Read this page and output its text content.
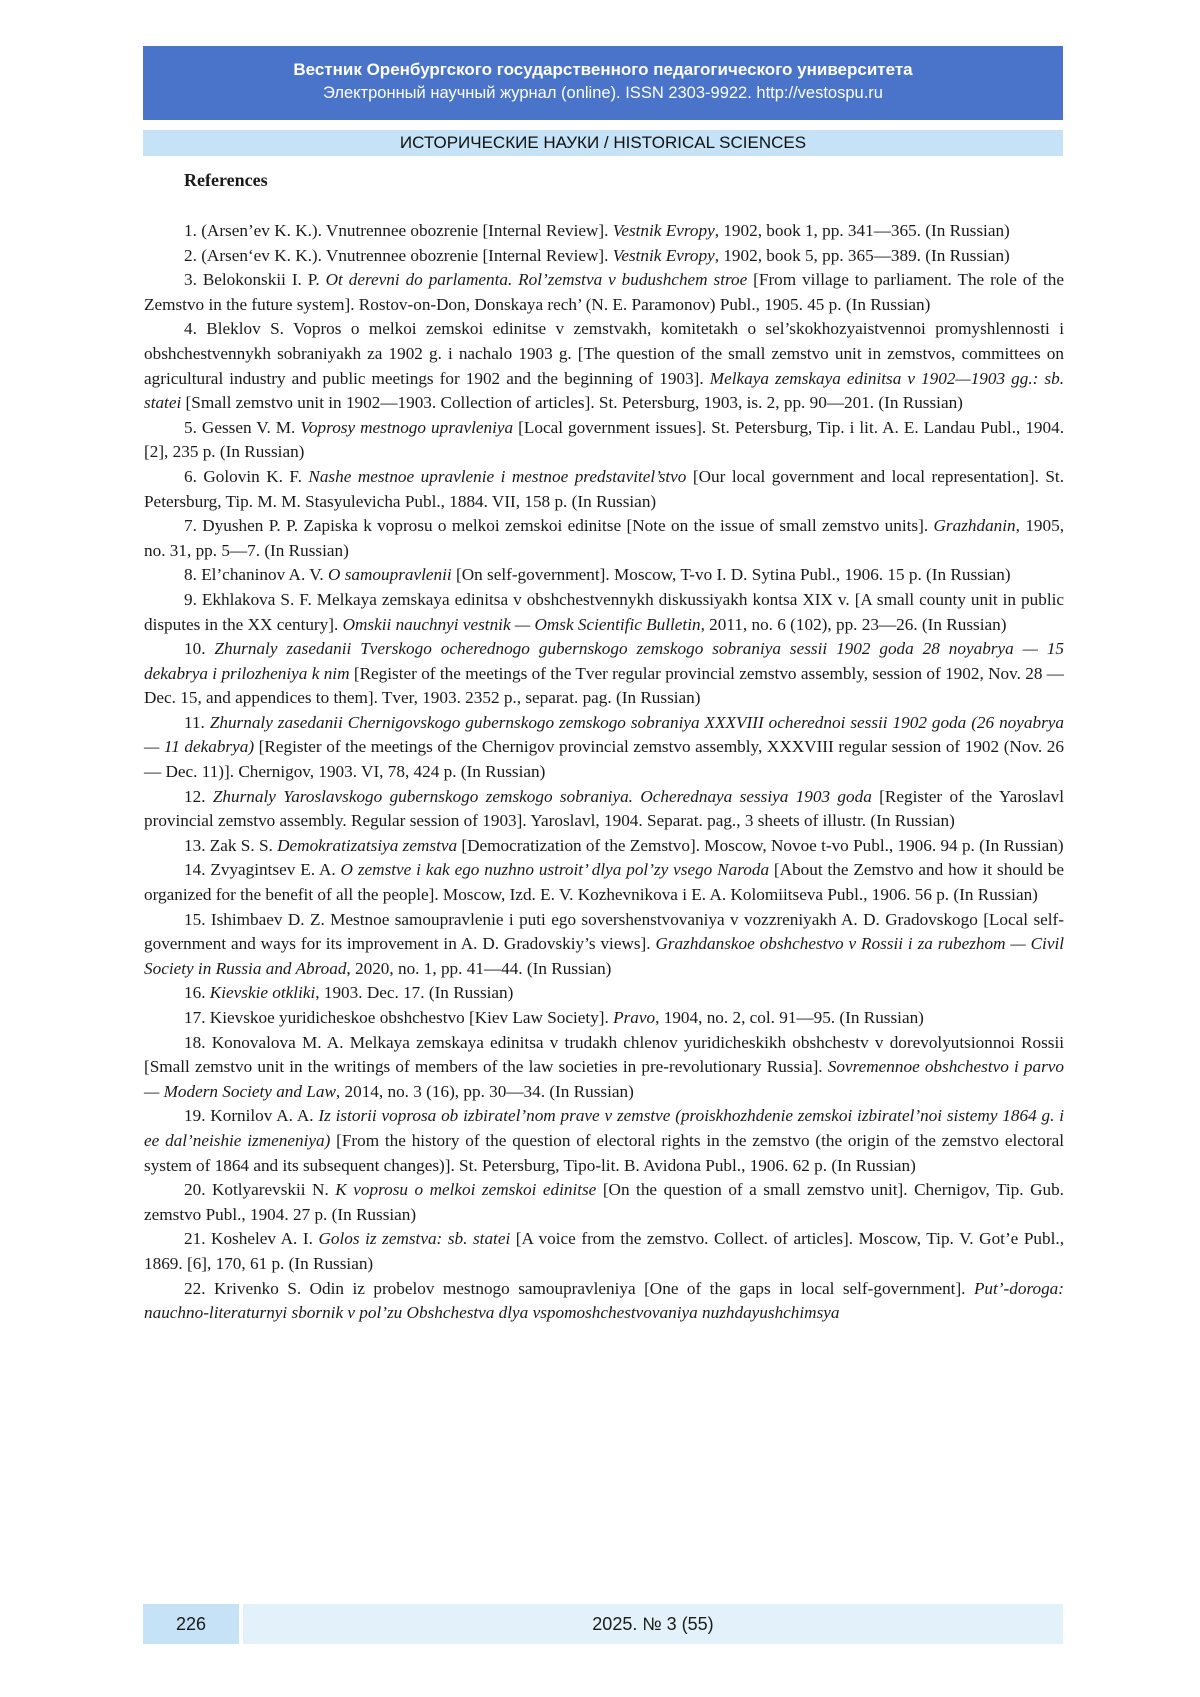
Вестник Оренбургского государственного педагогического университета
Электронный научный журнал (online). ISSN 2303-9922. http://vestospu.ru
ИСТОРИЧЕСКИЕ НАУКИ / HISTORICAL SCIENCES
References

1. (Arsen’ev K. K.). Vnutrennee obozrenie [Internal Review]. Vestnik Evropy, 1902, book 1, pp. 341—365. (In Russian)

2. (Arsen‘ev K. K.). Vnutrennee obozrenie [Internal Review]. Vestnik Evropy, 1902, book 5, pp. 365—389. (In Russian)

3. Belokonskii I. P. Ot derevni do parlamenta. Rol’zemstva v budushchem stroe [From village to parliament. The role of the Zemstvo in the future system]. Rostov-on-Don, Donskaya rech’ (N. E. Paramonov) Publ., 1905. 45 p. (In Russian)

4. Bleklov S. Vopros o melkoi zemskoi edinitse v zemstvakh, komitetakh o sel’skokhozyaistvennoi promyshlennosti i obshchestvennykh sobraniyakh za 1902 g. i nachalo 1903 g. [The question of the small zemstvo unit in zemstvos, committees on agricultural industry and public meetings for 1902 and the beginning of 1903]. Melkaya zemskaya edinitsa v 1902—1903 gg.: sb. statei [Small zemstvo unit in 1902—1903. Collection of articles]. St. Petersburg, 1903, is. 2, pp. 90—201. (In Russian)

5. Gessen V. M. Voprosy mestnogo upravleniya [Local government issues]. St. Petersburg, Tip. i lit. A. E. Landau Publ., 1904. [2], 235 p. (In Russian)

6. Golovin K. F. Nashe mestnoe upravlenie i mestnoe predstavitel’stvo [Our local government and local representation]. St. Petersburg, Tip. M. M. Stasyulevicha Publ., 1884. VII, 158 p. (In Russian)

7. Dyushen P. P. Zapiska k voprosu o melkoi zemskoi edinitse [Note on the issue of small zemstvo units]. Grazhdanin, 1905, no. 31, pp. 5—7. (In Russian)

8. El’chaninov A. V. O samoupravlenii [On self-government]. Moscow, T-vo I. D. Sytina Publ., 1906. 15 p. (In Russian)

9. Ekhlakova S. F. Melkaya zemskaya edinitsa v obshchestvennykh diskussiyakh kontsa XIX v. [A small county unit in public disputes in the XX century]. Omskii nauchnyi vestnik — Omsk Scientific Bulletin, 2011, no. 6 (102), pp. 23—26. (In Russian)

10. Zhurnaly zasedanii Tverskogo ocherednogo gubernskogo zemskogo sobraniya sessii 1902 goda 28 noyabrya — 15 dekabrya i prilozheniya k nim [Register of the meetings of the Tver regular provincial zemstvo assembly, session of 1902, Nov. 28 — Dec. 15, and appendices to them]. Tver, 1903. 2352 p., separat. pag. (In Russian)

11. Zhurnaly zasedanii Chernigovskogo gubernskogo zemskogo sobraniya XXXVIII ocherednoi sessii 1902 goda (26 noyabrya — 11 dekabrya) [Register of the meetings of the Chernigov provincial zemstvo assembly, XXXVIII regular session of 1902 (Nov. 26 — Dec. 11)]. Chernigov, 1903. VI, 78, 424 p. (In Russian)

12. Zhurnaly Yaroslavskogo gubernskogo zemskogo sobraniya. Ocherednaya sessiya 1903 goda [Register of the Yaroslavl provincial zemstvo assembly. Regular session of 1903]. Yaroslavl, 1904. Separat. pag., 3 sheets of illustr. (In Russian)

13. Zak S. S. Demokratizatsiya zemstva [Democratization of the Zemstvo]. Moscow, Novoe t-vo Publ., 1906. 94 p. (In Russian)

14. Zvyagintsev E. A. O zemstve i kak ego nuzhno ustroit’ dlya pol’zy vsego Naroda [About the Zemstvo and how it should be organized for the benefit of all the people]. Moscow, Izd. E. V. Kozhevnikova i E. A. Kolomiitseva Publ., 1906. 56 p. (In Russian)

15. Ishimbaev D. Z. Mestnoe samoupravlenie i puti ego sovershenstvovaniya v vozzreniyakh A. D. Gradovskogo [Local self-government and ways for its improvement in A. D. Gradovskiy’s views]. Grazhdanskoe obshchestvo v Rossii i za rubezhom — Civil Society in Russia and Abroad, 2020, no. 1, pp. 41—44. (In Russian)

16. Kievskie otkliki, 1903. Dec. 17. (In Russian)

17. Kievskoe yuridicheskoe obshchestvo [Kiev Law Society]. Pravo, 1904, no. 2, col. 91—95. (In Russian)

18. Konovalova M. A. Melkaya zemskaya edinitsa v trudakh chlenov yuridicheskikh obshchestv v dorevolyutsionnoi Rossii [Small zemstvo unit in the writings of members of the law societies in pre-revolutionary Russia]. Sovremennoe obshchestvo i parvo — Modern Society and Law, 2014, no. 3 (16), pp. 30—34. (In Russian)

19. Kornilov A. A. Iz istorii voprosa ob izbiratel’nom prave v zemstve (proiskhozhdenie zemskoi izbiratel’noi sistemy 1864 g. i ee dal’neishie izmeneniya) [From the history of the question of electoral rights in the zemstvo (the origin of the zemstvo electoral system of 1864 and its subsequent changes)]. St. Petersburg, Tipo-lit. B. Avidona Publ., 1906. 62 p. (In Russian)

20. Kotlyarevskii N. K voprosu o melkoi zemskoi edinitse [On the question of a small zemstvo unit]. Chernigov, Tip. Gub. zemstvo Publ., 1904. 27 p. (In Russian)

21. Koshelev A. I. Golos iz zemstva: sb. statei [A voice from the zemstvo. Collect. of articles]. Moscow, Tip. V. Got’e Publ., 1869. [6], 170, 61 p. (In Russian)

22. Krivenko S. Odin iz probelov mestnogo samoupravleniya [One of the gaps in local self-government]. Put’-doroga: nauchno-literaturnyi sbornik v pol’zu Obshchestva dlya vspomoshchestvovaniya nuzhdayushchimsya

226	2025. № 3 (55)
